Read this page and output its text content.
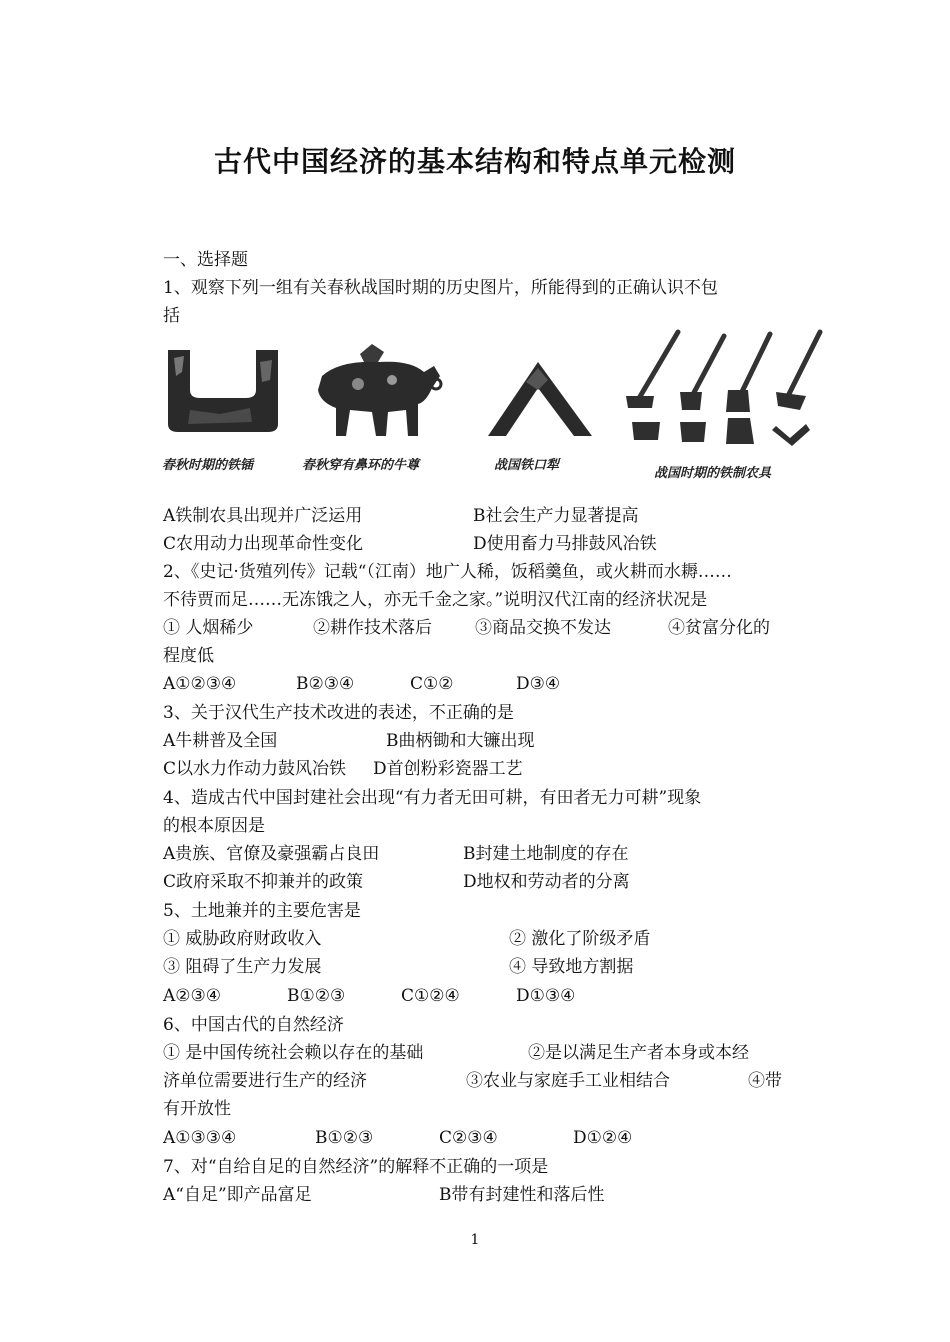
古代中国经济的基本结构和特点单元检测
一、选择题
1、观察下列一组有关春秋战国时期的历史图片，所能得到的正确认识不包
括
春秋时期的铁锸	春秋穿有鼻环的牛尊	战国铁口犁
战国时期的铁制农具
A铁制农具出现并广泛运用	B社会生产力显著提高
C农用动力出现革命性变化	D使用畜力马排鼓风冶铁
2、《史记·货殖列传》记载“（江南）地广人稀，饭稻羹鱼，或火耕而水耨……
不待贾而足……无冻饿之人，亦无千金之家。”说明汉代江南的经济状况是
① 人烟稀少	②耕作技术落后	③商品交换不发达	④贫富分化的
程度低
A①②③④	B②③④	C①②	D③④
3、关于汉代生产技术改进的表述，不正确的是
A牛耕普及全国	B曲柄锄和大镰出现
C以水力作动力鼓风冶铁 D首创粉彩瓷器工艺
4、造成古代中国封建社会出现“有力者无田可耕，有田者无力可耕”现象
的根本原因是
A贵族、官僚及豪强霸占良田	B封建土地制度的存在
C政府采取不抑兼并的政策	D地权和劳动者的分离
5、土地兼并的主要危害是
① 威胁政府财政收入	② 激化了阶级矛盾
③ 阻碍了生产力发展	④ 导致地方割据
A②③④	B①②③	C①②④	D①③④
6、中国古代的自然经济
① 是中国传统社会赖以存在的基础	②是以满足生产者本身或本经
济单位需要进行生产的经济	③农业与家庭手工业相结合	④带
有开放性
A①③③④	B①②③	C②③④	D①②④
7、对“自给自足的自然经济”的解释不正确的一项是
A“自足”即产品富足	B带有封建性和落后性
1
